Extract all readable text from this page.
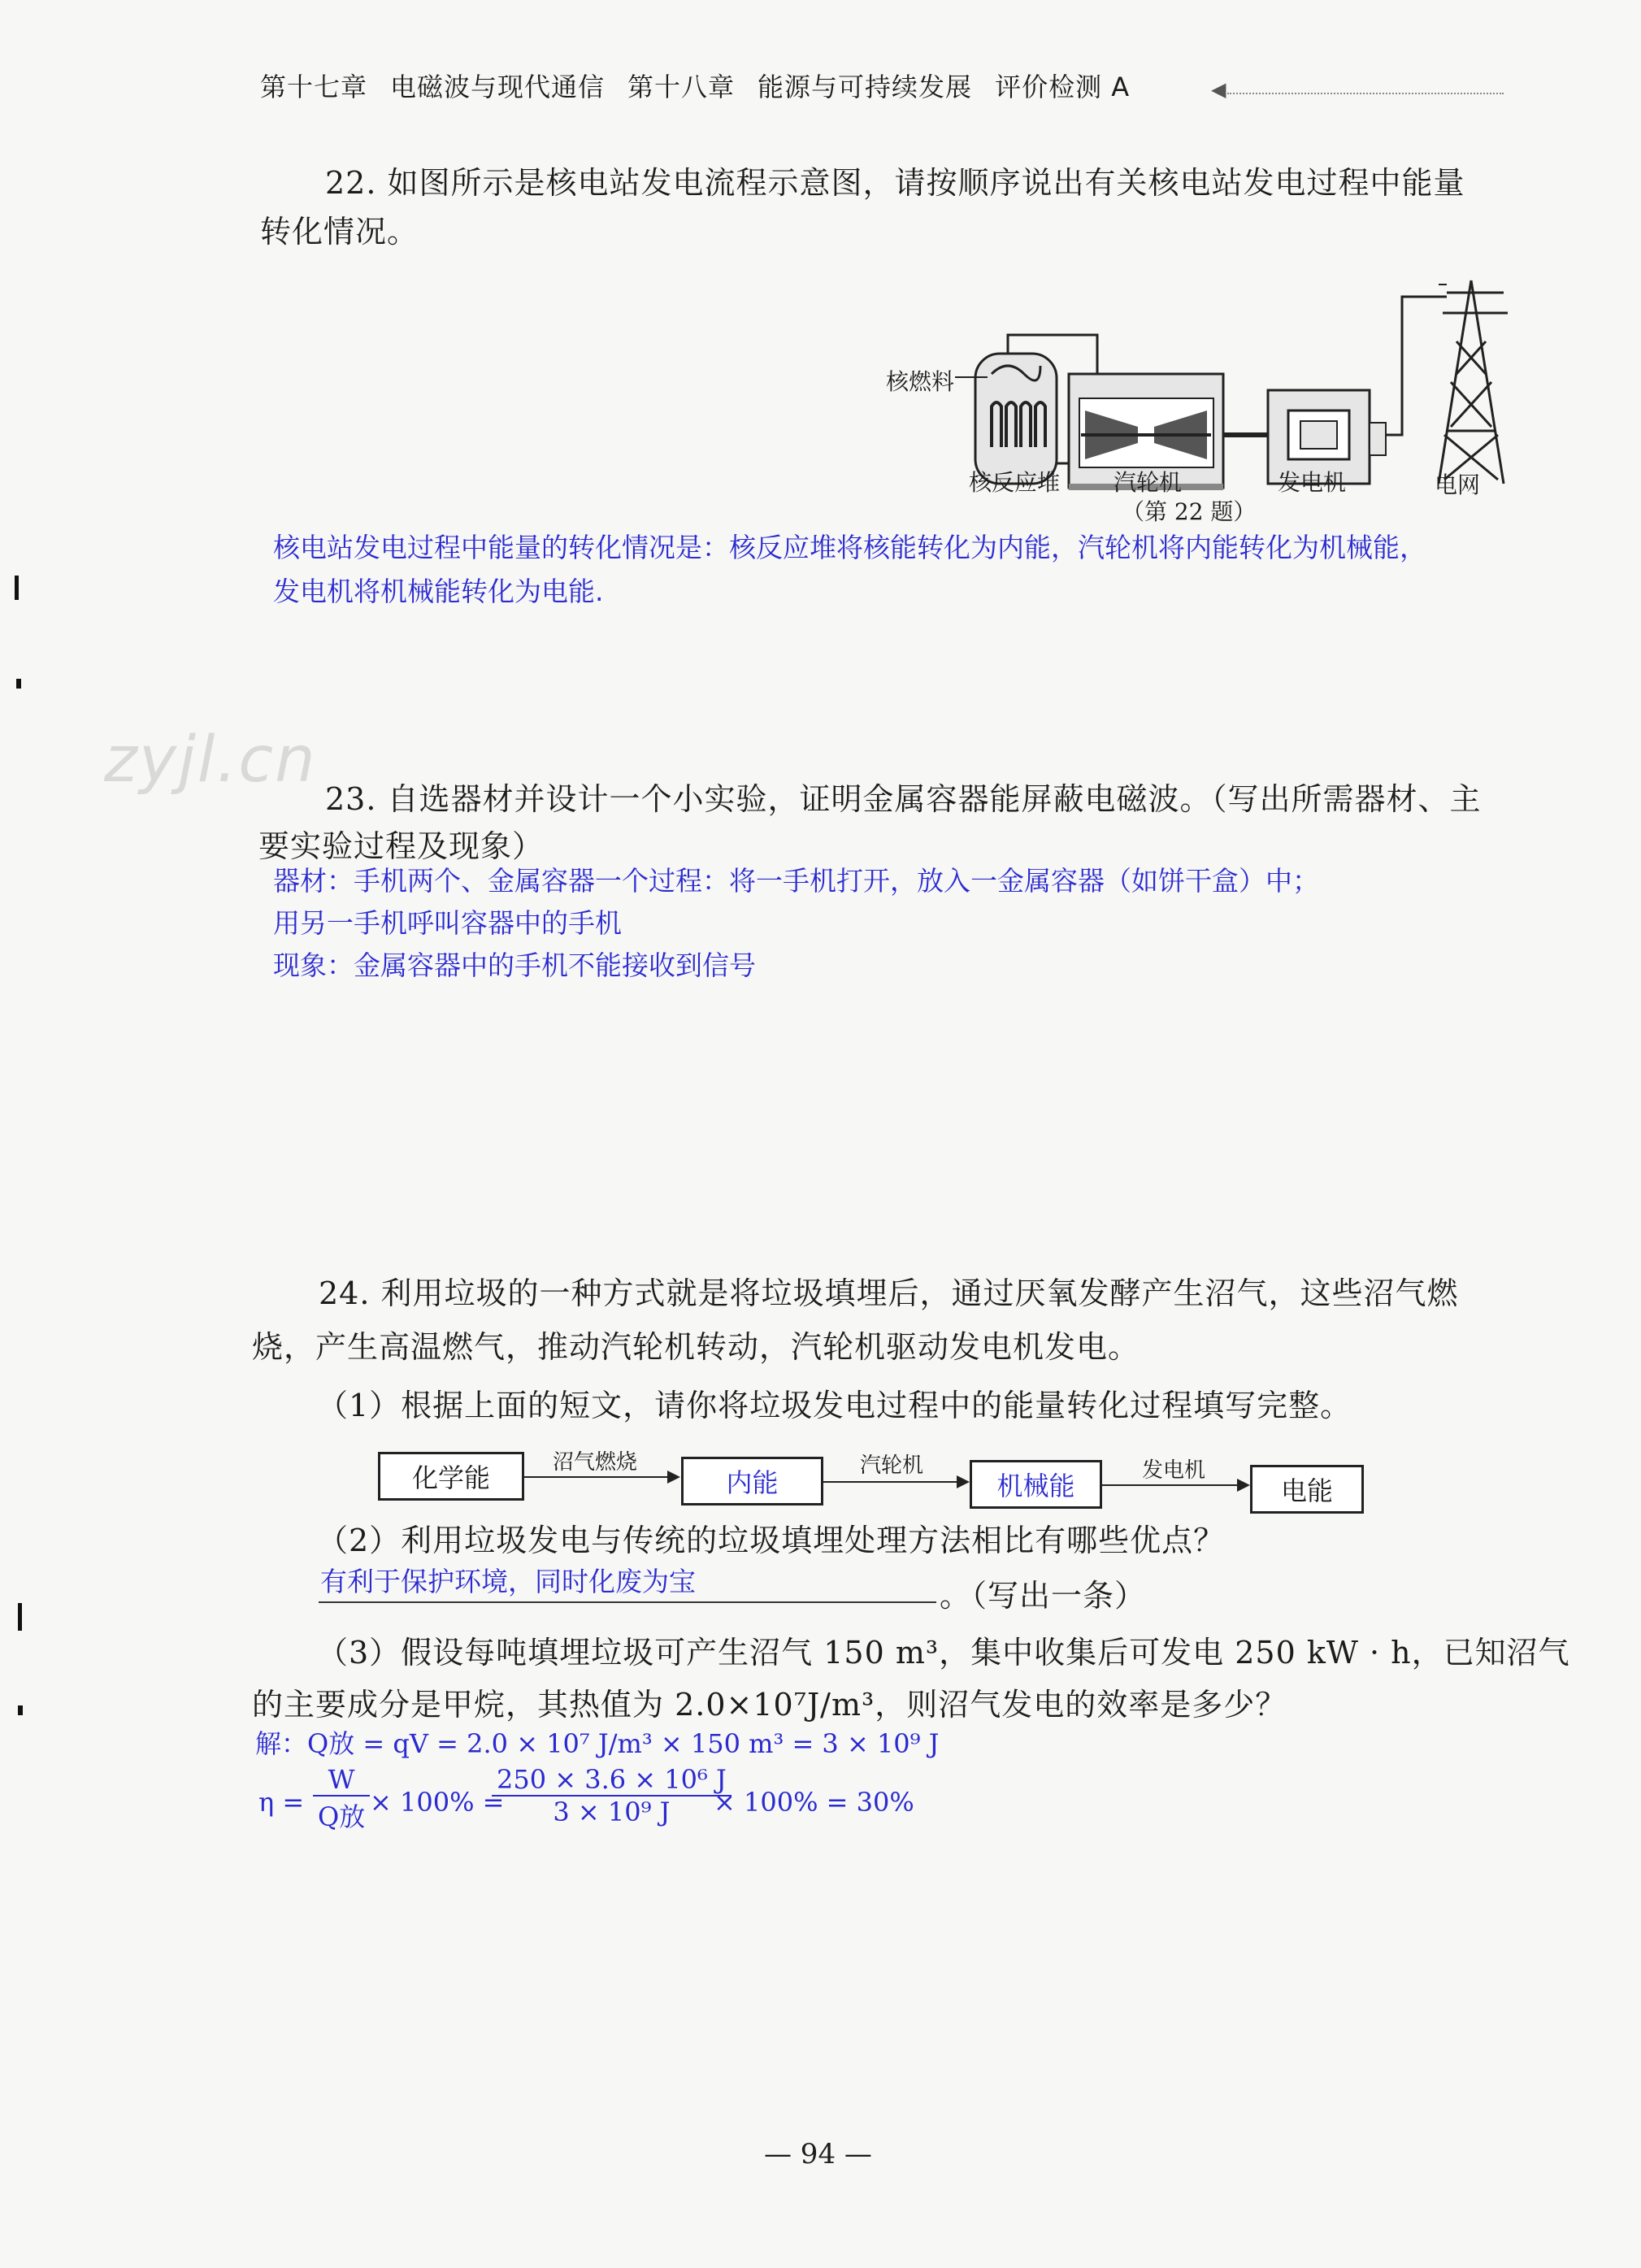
第十七章 电磁波与现代通信 第十八章 能源与可持续发展 评价检测 A	◀
22. 如图所示是核电站发电流程示意图，请按顺序说出有关核电站发电过程中能量
转化情况。
核燃料
核反应堆 汽轮机	发电机	电网
（第 22 题）
核电站发电过程中能量的转化情况是：核反应堆将核能转化为内能，汽轮机将内能转化为机械能，
发电机将机械能转化为电能.
zyjl.cn
23. 自选器材并设计一个小实验，证明金属容器能屏蔽电磁波。（写出所需器材、主
要实验过程及现象）
器材：手机两个、金属容器一个过程：将一手机打开，放入一金属容器（如饼干盒）中；
用另一手机呼叫容器中的手机
现象：金属容器中的手机不能接收到信号
24. 利用垃圾的一种方式就是将垃圾填埋后，通过厌氧发酵产生沼气，这些沼气燃
烧，产生高温燃气，推动汽轮机转动，汽轮机驱动发电机发电。
（1）根据上面的短文，请你将垃圾发电过程中的能量转化过程填写完整。
化学能	沼气燃烧
内能
汽轮机
机械能	发电机
电能
（2）利用垃圾发电与传统的垃圾填埋处理方法相比有哪些优点？
有利于保护环境，同时化废为宝	。（写出一条）
（3）假设每吨填埋垃圾可产生沼气 150 m³，集中收集后可发电 250 kW · h，已知沼气
的主要成分是甲烷，其热值为 2.0×10⁷J/m³，则沼气发电的效率是多少？
解：Q放 = qV = 2.0 × 10⁷ J/m³ × 150 m³ = 3 × 10⁹ J
η =
W
Q放 × 100% =
250 × 3.6 × 10⁶ J
3 × 10⁹ J × 100% = 30%
— 94 —
